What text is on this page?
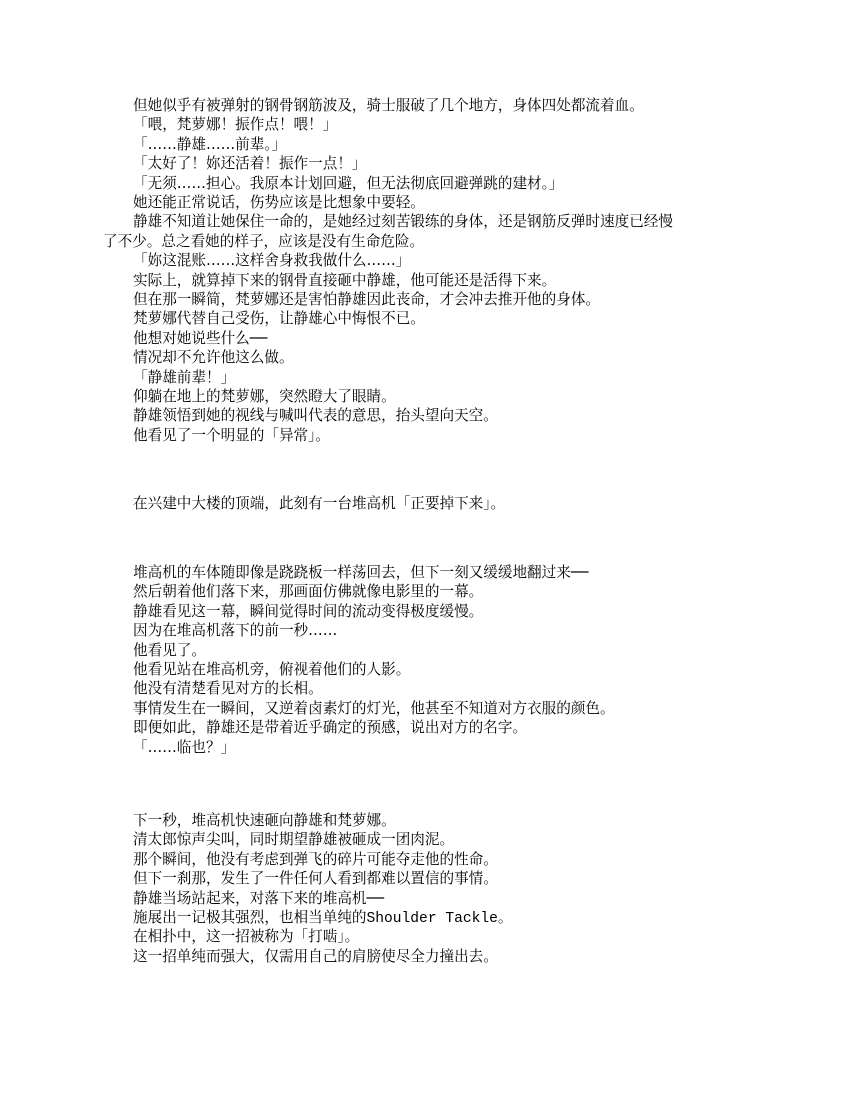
但她似乎有被弹射的钢骨钢筋波及，骑士服破了几个地方，身体四处都流着血。
「喂，梵萝娜！振作点！喂！」
「……静雄……前辈。」
「太好了！妳还活着！振作一点！」
「无须……担心。我原本计划回避，但无法彻底回避弹跳的建材。」
她还能正常说话，伤势应该是比想象中要轻。
静雄不知道让她保住一命的，是她经过刻苦锻练的身体，还是钢筋反弹时速度已经慢
了不少。总之看她的样子，应该是没有生命危险。
「妳这混账……这样舍身救我做什么……」
实际上，就算掉下来的钢骨直接砸中静雄，他可能还是活得下来。
但在那一瞬简，梵萝娜还是害怕静雄因此丧命，才会冲去推开他的身体。
梵萝娜代替自己受伤，让静雄心中悔恨不已。
他想对她说些什么──
情况却不允许他这么做。
「静雄前辈！」
仰躺在地上的梵萝娜，突然瞪大了眼睛。
静雄领悟到她的视线与喊叫代表的意思，抬头望向天空。
他看见了一个明显的「异常」。
在兴建中大楼的顶端，此刻有一台堆高机「正要掉下来」。
堆高机的车体随即像是跷跷板一样荡回去，但下一刻又缓缓地翻过来──
然后朝着他们落下来，那画面仿佛就像电影里的一幕。
静雄看见这一幕，瞬间觉得时间的流动变得极度缓慢。
因为在堆高机落下的前一秒……
他看见了。
他看见站在堆高机旁，俯视着他们的人影。
他没有清楚看见对方的长相。
事情发生在一瞬间，又逆着卤素灯的灯光，他甚至不知道对方衣服的颜色。
即便如此，静雄还是带着近乎确定的预感，说出对方的名字。
「……临也？」
下一秒，堆高机快速砸向静雄和梵萝娜。
清太郎惊声尖叫，同时期望静雄被砸成一团肉泥。
那个瞬间，他没有考虑到弹飞的碎片可能夺走他的性命。
但下一刹那，发生了一件任何人看到都难以置信的事情。
静雄当场站起来，对落下来的堆高机──
施展出一记极其强烈，也相当单纯的Shoulder Tackle。
在相扑中，这一招被称为「打啮」。
这一招单纯而强大，仅需用自己的肩膀使尽全力撞出去。
